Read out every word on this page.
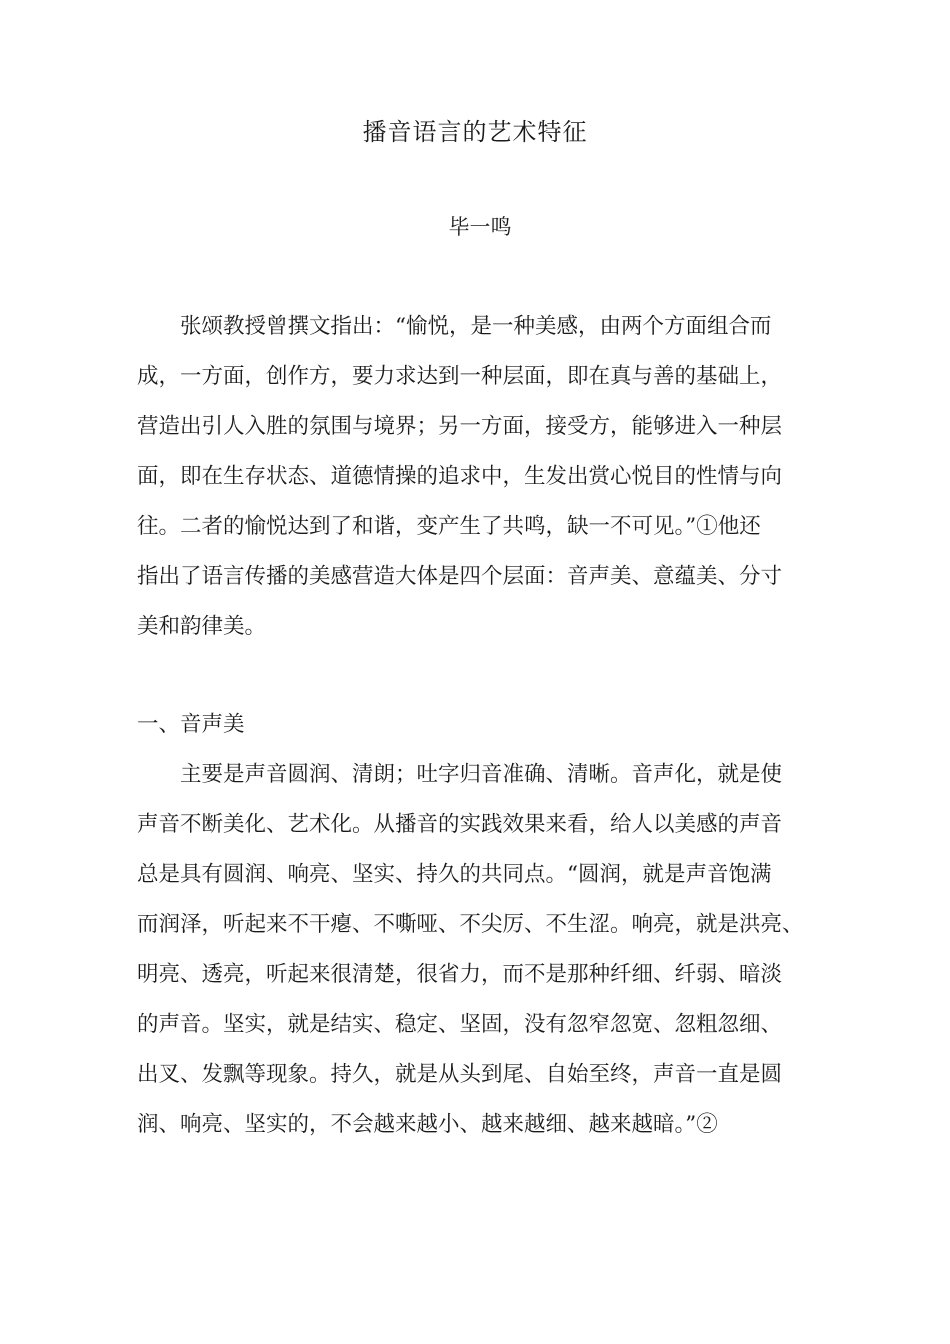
播音语言的艺术特征
毕一鸣
张颂教授曾撰文指出：“愉悦，是一种美感，由两个方面组合而
成，一方面，创作方，要力求达到一种层面，即在真与善的基础上，
营造出引人入胜的氛围与境界；另一方面，接受方，能够进入一种层
面，即在生存状态、道德情操的追求中，生发出赏心悦目的性情与向
往。二者的愉悦达到了和谐，变产生了共鸣，缺一不可见。”①他还
指出了语言传播的美感营造大体是四个层面：音声美、意蕴美、分寸
美和韵律美。
一、音声美
主要是声音圆润、清朗；吐字归音准确、清晰。音声化，就是使
声音不断美化、艺术化。从播音的实践效果来看，给人以美感的声音
总是具有圆润、响亮、坚实、持久的共同点。“圆润，就是声音饱满
而润泽，听起来不干瘪、不嘶哑、不尖厉、不生涩。响亮，就是洪亮、
明亮、透亮，听起来很清楚，很省力，而不是那种纤细、纤弱、暗淡
的声音。坚实，就是结实、稳定、坚固，没有忽窄忽宽、忽粗忽细、
出叉、发飘等现象。持久，就是从头到尾、自始至终，声音一直是圆
润、响亮、坚实的，不会越来越小、越来越细、越来越暗。”②
